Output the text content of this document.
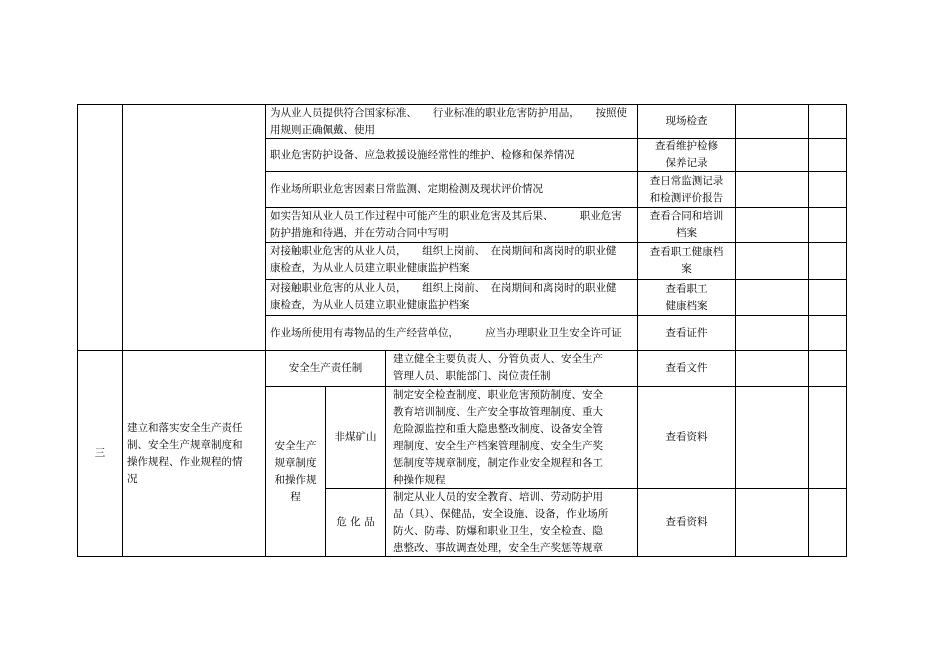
为从业人员提供符合国家标准、　　行业标准的职业危害防护用品，　　按照使
用规则正确佩戴、使用
现场检查
职业危害防护设备、应急救援设施经常性的维护、检修和保养情况
查看维护检修
保养记录
作业场所职业危害因素日常监测、定期检测及现状评价情况
查日常监测记录
和检测评价报告
如实告知从业人员工作过程中可能产生的职业危害及其后果、　　　职业危害
防护措施和待遇，并在劳动合同中写明
查看合同和培训
档案
对接触职业危害的从业人员，　　组织上岗前、　在岗期间和离岗时的职业健
康检查，为从业人员建立职业健康监护档案
查看职工健康档
案
对接触职业危害的从业人员，　　组织上岗前、　在岗期间和离岗时的职业健
康检查，为从业人员建立职业健康监护档案
查看职工
健康档案
作业场所使用有毒物品的生产经营单位，　　　应当办理职业卫生安全许可证	查看证件
三
建立和落实安全生产责任
制、安全生产规章制度和
操作规程、作业规程的情
况
安全生产责任制
建立健全主要负责人、分管负责人、安全生产
管理人员、职能部门、岗位责任制
查看文件
安全生产
规章制度
和操作规
程
非煤矿山
制定安全检查制度、职业危害预防制度、安全
教育培训制度、生产安全事故管理制度、重大
危险源监控和重大隐患整改制度、设备安全管
理制度、安全生产档案管理制度、安全生产奖
惩制度等规章制度，制定作业安全规程和各工
种操作规程
查看资料
危 化 品
制定从业人员的安全教育、培训、劳动防护用
品（具）、保健品，安全设施、设备，作业场所
防火、防毒、防爆和职业卫生，安全检查、隐
患整改、事故调查处理，安全生产奖惩等规章
查看资料
